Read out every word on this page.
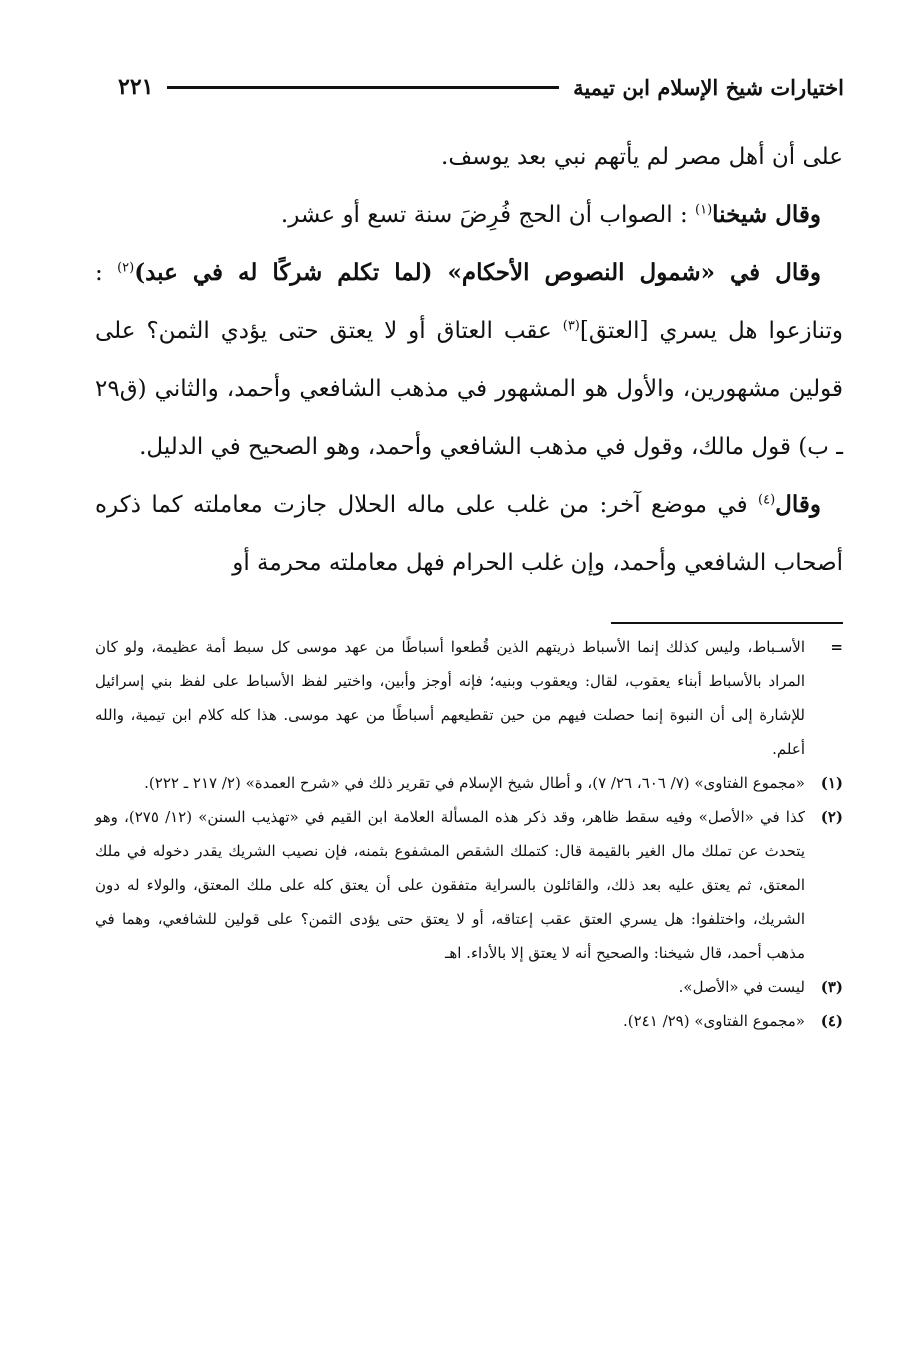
اختيارات شيخ الإسلام ابن تيمية
٢٢١

على أن أهل مصر لم يأتهم نبي بعد يوسف.

وقال شيخنا$^{(١)}$ : الصواب أن الحج فُرِضَ سنة تسع أو عشر.

وقال في «شمول النصوص الأحكام» (لما تكلم شركًا له في عبد)$^{(٢)}$ : وتنازعوا هل يسري [العتق]$^{(٣)}$ عقب العتاق أو لا يعتق حتى يؤدي الثمن؟ على قولين مشهورين، والأول هو المشهور في مذهب الشافعي وأحمد، والثاني (ق٢٩ ـ ب) قول مالك، وقول في مذهب الشافعي وأحمد، وهو الصحيح في الدليل.

وقال$^{(٤)}$ في موضع آخر: من غلب على ماله الحلال جازت معاملته كما ذكره أصحاب الشافعي وأحمد، وإن غلب الحرام فهل معاملته محرمة أو

=
الأسـباط، وليس كذلك إنما الأسباط ذريتهم الذين قُطعوا أسباطًا من عهد موسى كل سبط أمة عظيمة، ولو كان المراد بالأسباط أبناء يعقوب، لقال: ويعقوب وبنيه؛ فإنه أوجز وأبين، واختير لفظ الأسباط على لفظ بني إسرائيل للإشارة إلى أن النبوة إنما حصلت فيهم من حين تقطيعهم أسباطًا من عهد موسى. هذا كله كلام ابن تيمية، والله أعلم.
(١)
«مجموع الفتاوى» (٧/ ٦٠٦، ٢٦/ ٧)، و أطال شيخ الإسلام في تقرير ذلك في «شرح العمدة» (٢/ ٢١٧ ـ ٢٢٢).
(٢)
كذا في «الأصل» وفيه سقط ظاهر، وقد ذكر هذه المسألة العلامة ابن القيم في «تهذيب السنن» (١٢/ ٢٧٥)، وهو يتحدث عن تملك مال الغير بالقيمة قال: كتملك الشقص المشفوع بثمنه، فإن نصيب الشريك يقدر دخوله في ملك المعتق، ثم يعتق عليه بعد ذلك، والقائلون بالسراية متفقون على أن يعتق كله على ملك المعتق، والولاء له دون الشريك، واختلفوا: هل يسري العتق عقب إعتاقه، أو لا يعتق حتى يؤدى الثمن؟ على قولين للشافعي، وهما في مذهب أحمد، قال شيخنا: والصحيح أنه لا يعتق إلا بالأداء. اهـ
(٣)
ليست في «الأصل».
(٤)
«مجموع الفتاوى» (٢٩/ ٢٤١).
